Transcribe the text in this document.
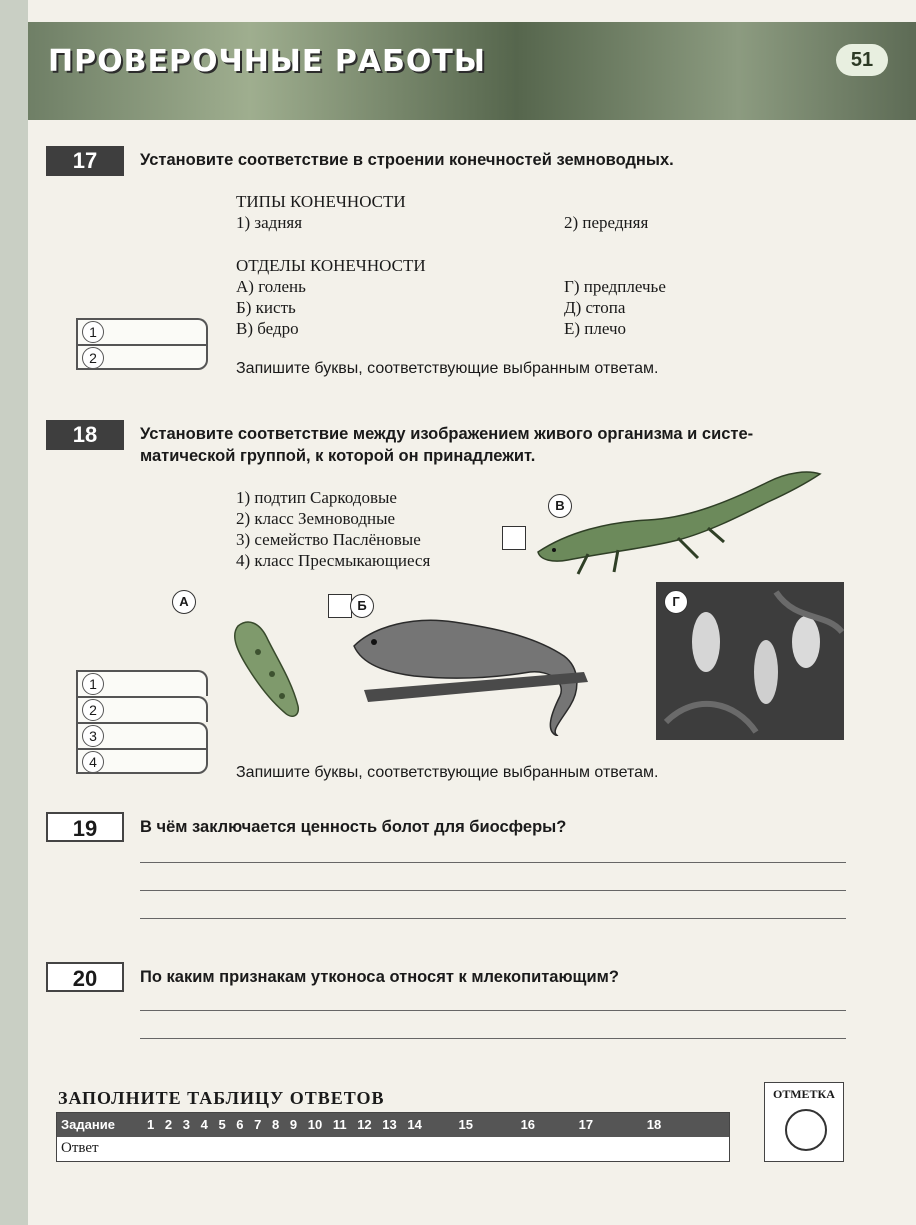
ПРОВЕРОЧНЫЕ РАБОТЫ	51
17	Установите соответствие в строении конечностей земноводных.
ТИПЫ КОНЕЧНОСТИ
1) задняя	2) передняя
ОТДЕЛЫ КОНЕЧНОСТИ
А) голень
Б) кисть
В) бедро
Г) предплечье
Д) стопа
Е) плечо
1
2
Запишите буквы, соответствующие выбранным ответам.
18	Установите соответствие между изображением живого организма и систе-
матической группой, к которой он принадлежит.
1) подтип Саркодовые
2) класс Земноводные
3) семейство Паслёновые
4) класс Пресмыкающиеся
В
А	Б	Г
1
2
3
4
Запишите буквы, соответствующие выбранным ответам.
19	В чём заключается ценность болот для биосферы?
20	По каким признакам утконоса относят к млекопитающим?
ЗАПОЛНИТЕ ТАБЛИЦУ ОТВЕТОВ
Задание 1 2 3 4 5 6 7 8 9 10 11 12 13 14	15	16	17	18
Ответ
ОТМЕТКА
